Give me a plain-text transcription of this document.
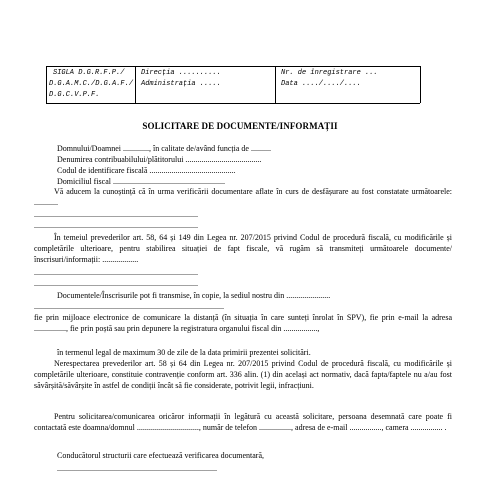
SIGLA D.G.R.F.P./
D.G.A.M.C./D.G.A.F./
D.G.C.V.P.F.
Direcția ..........
Administrația .....
Nr. de înregistrare ...
Data ..../..../....
SOLICITARE DE DOCUMENTE/INFORMAȚII
Domnului/Doamnei ............., în calitate de/având funcția de ..........
Denumirea contribuabilului/plătitorului ......................................
Codul de identificare fiscală ...........................................
Domiciliul fiscal ........................................................
Vă aducem la cunoștință că în urma verificării documentare aflate în curs de desfășurare au fost constatate următoarele: ............
..................................................................................
..................................................................................
În temeiul prevederilor art. 58, 64 și 149 din Legea nr. 207/2015 privind Codul de procedură fiscală, cu modificările și completările ulterioare, pentru stabilirea situației de fapt fiscale, vă rugăm să transmiteți următoarele documente/înscrisuri/informații: ..................
..................................................................................
..................................................................................
Documentele/Înscrisurile pot fi transmise, în copie, la sediul nostru din ......................
...............................................................................................
fie prin mijloace electronice de comunicare la distanță (în situația în care sunteți înrolat în SPV), fie prin e-mail la adresa ................, fie prin poștă sau prin depunere la registratura organului fiscal din .................,
în termenul legal de maximum 30 de zile de la data primirii prezentei solicitări.
Nerespectarea prevederilor art. 58 și 64 din Legea nr. 207/2015 privind Codul de procedură fiscală, cu modificările și completările ulterioare, constituie contravenție conform art. 336 alin. (1) din același act normativ, dacă fapta/faptele nu a/au fost săvârșită/săvârșite în astfel de condiții încât să fie considerate, potrivit legii, infracțiuni.
Pentru solicitarea/comunicarea oricăror informații în legătură cu această solicitare, persoana desemnată care poate fi contactată este doamna/domnul ..............................., număr de telefon ................, adresa de e-mail ................, camera ................ .
Conducătorul structurii care efectuează verificarea documentară,
................................................................................
